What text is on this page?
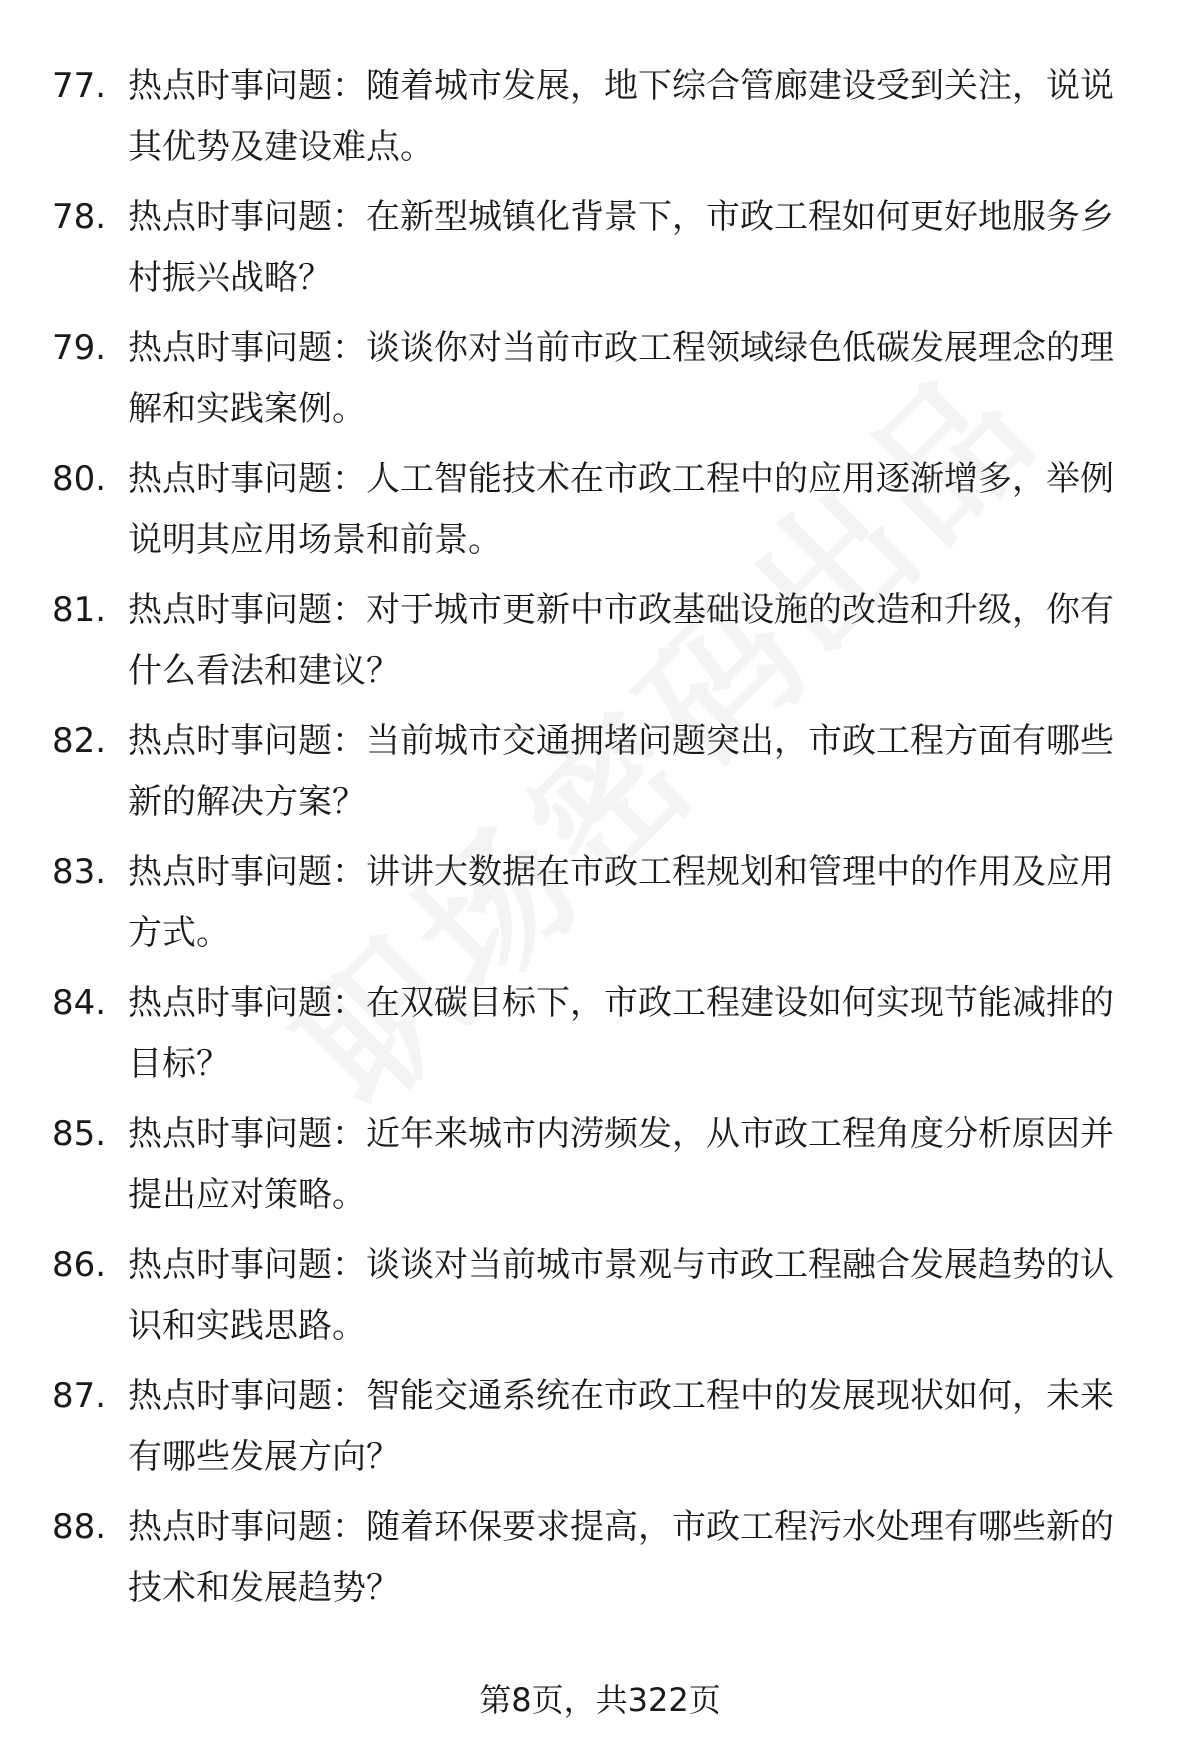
77. 热点时事问题：随着城市发展，地下综合管廊建设受到关注，说说其优势及建设难点。
78. 热点时事问题：在新型城镇化背景下，市政工程如何更好地服务乡村振兴战略？
79. 热点时事问题：谈谈你对当前市政工程领域绿色低碳发展理念的理解和实践案例。
80. 热点时事问题：人工智能技术在市政工程中的应用逐渐增多，举例说明其应用场景和前景。
81. 热点时事问题：对于城市更新中市政基础设施的改造和升级，你有什么看法和建议？
82. 热点时事问题：当前城市交通拥堵问题突出，市政工程方面有哪些新的解决方案？
83. 热点时事问题：讲讲大数据在市政工程规划和管理中的作用及应用方式。
84. 热点时事问题：在双碳目标下，市政工程建设如何实现节能减排的目标？
85. 热点时事问题：近年来城市内涝频发，从市政工程角度分析原因并提出应对策略。
86. 热点时事问题：谈谈对当前城市景观与市政工程融合发展趋势的认识和实践思路。
87. 热点时事问题：智能交通系统在市政工程中的发展现状如何，未来有哪些发展方向？
88. 热点时事问题：随着环保要求提高，市政工程污水处理有哪些新的技术和发展趋势？
第8页，共322页
